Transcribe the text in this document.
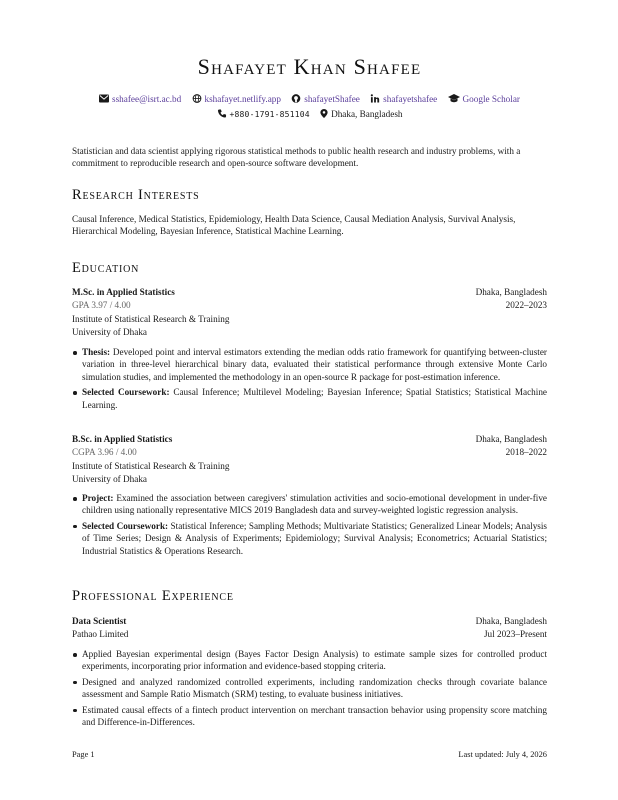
Shafayet Khan Shafee
sshafee@isrt.ac.bd	kshafayet.netlify.app	shafayetShafee	shafayetshafee	Google Scholar
+880-1791-851104 Dhaka, Bangladesh
Statistician and data scientist applying rigorous statistical methods to public health research and industry problems, with a commitment to reproducible research and open-source software development.
Research Interests
Causal Inference, Medical Statistics, Epidemiology, Health Data Science, Causal Mediation Analysis, Survival Analysis, Hierarchical Modeling, Bayesian Inference, Statistical Machine Learning.
Education
M.Sc. in Applied Statistics	Dhaka, Bangladesh
GPA 3.97 / 4.00	2022–2023
Institute of Statistical Research & Training
University of Dhaka
Thesis: Developed point and interval estimators extending the median odds ratio framework for quantifying between-cluster variation in three-level hierarchical binary data, evaluated their statistical performance through extensive Monte Carlo simulation studies, and implemented the methodology in an open-source R package for post-estimation inference.
Selected Coursework: Causal Inference; Multilevel Modeling; Bayesian Inference; Spatial Statistics; Statistical Machine Learning.
B.Sc. in Applied Statistics	Dhaka, Bangladesh
CGPA 3.96 / 4.00	2018–2022
Institute of Statistical Research & Training
University of Dhaka
Project: Examined the association between caregivers' stimulation activities and socio-emotional development in under-five children using nationally representative MICS 2019 Bangladesh data and survey-weighted logistic regression analysis.
Selected Coursework: Statistical Inference; Sampling Methods; Multivariate Statistics; Generalized Linear Models; Analysis of Time Series; Design & Analysis of Experiments; Epidemiology; Survival Analysis; Econometrics; Actuarial Statistics; Industrial Statistics & Operations Research.
Professional Experience
Data Scientist	Dhaka, Bangladesh
Pathao Limited	Jul 2023–Present
Applied Bayesian experimental design (Bayes Factor Design Analysis) to estimate sample sizes for controlled product experiments, incorporating prior information and evidence-based stopping criteria.
Designed and analyzed randomized controlled experiments, including randomization checks through covariate balance assessment and Sample Ratio Mismatch (SRM) testing, to evaluate business initiatives.
Estimated causal effects of a fintech product intervention on merchant transaction behavior using propensity score matching and Difference-in-Differences.
Page 1	Last updated: July 4, 2026
